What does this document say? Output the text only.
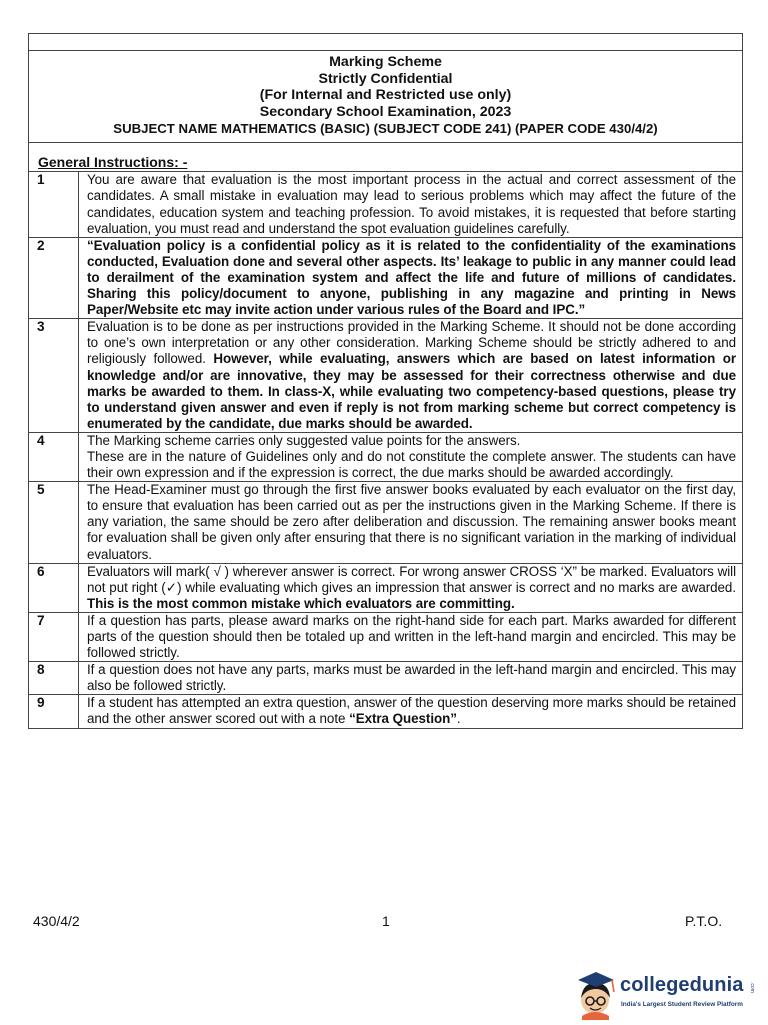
Marking Scheme
Strictly Confidential
(For Internal and Restricted use only)
Secondary School Examination, 2023
SUBJECT NAME MATHEMATICS (BASIC) (SUBJECT CODE 241) (PAPER CODE 430/4/2)	

General Instructions: -	

1	You are aware that evaluation is the most important process in the actual and correct assessment of the candidates. A small mistake in evaluation may lead to serious problems which may affect the future of the candidates, education system and teaching profession. To avoid mistakes, it is requested that before starting evaluation, you must read and understand the spot evaluation guidelines carefully.
2	“Evaluation policy is a confidential policy as it is related to the confidentiality of the examinations conducted, Evaluation done and several other aspects. Its’ leakage to public in any manner could lead to derailment of the examination system and affect the life and future of millions of candidates. Sharing this policy/document to anyone, publishing in any magazine and printing in News Paper/Website etc may invite action under various rules of the Board and IPC.”
3	Evaluation is to be done as per instructions provided in the Marking Scheme. It should not be done according to one’s own interpretation or any other consideration. Marking Scheme should be strictly adhered to and religiously followed. However, while evaluating, answers which are based on latest information or knowledge and/or are innovative, they may be assessed for their correctness otherwise and due marks be awarded to them. In class-X, while evaluating two competency-based questions, please try to understand given answer and even if reply is not from marking scheme but correct competency is enumerated by the candidate, due marks should be awarded.
4	The Marking scheme carries only suggested value points for the answers.
These are in the nature of Guidelines only and do not constitute the complete answer. The students can have their own expression and if the expression is correct, the due marks should be awarded accordingly.
5	The Head-Examiner must go through the first five answer books evaluated by each evaluator on the first day, to ensure that evaluation has been carried out as per the instructions given in the Marking Scheme. If there is any variation, the same should be zero after deliberation and discussion. The remaining answer books meant for evaluation shall be given only after ensuring that there is no significant variation in the marking of individual evaluators.
6	Evaluators will mark( √ ) wherever answer is correct. For wrong answer CROSS ‘X” be marked. Evaluators will not put right (✓) while evaluating which gives an impression that answer is correct and no marks are awarded. This is the most common mistake which evaluators are committing.
7	If a question has parts, please award marks on the right-hand side for each part. Marks awarded for different parts of the question should then be totaled up and written in the left-hand margin and encircled. This may be followed strictly.
8	If a question does not have any parts, marks must be awarded in the left-hand margin and encircled. This may also be followed strictly.
9	If a student has attempted an extra question, answer of the question deserving more marks should be retained and the other answer scored out with a note “Extra Question”.
430/4/2	1	P.T.O.
collegedunia .com
India's Largest Student Review Platform
